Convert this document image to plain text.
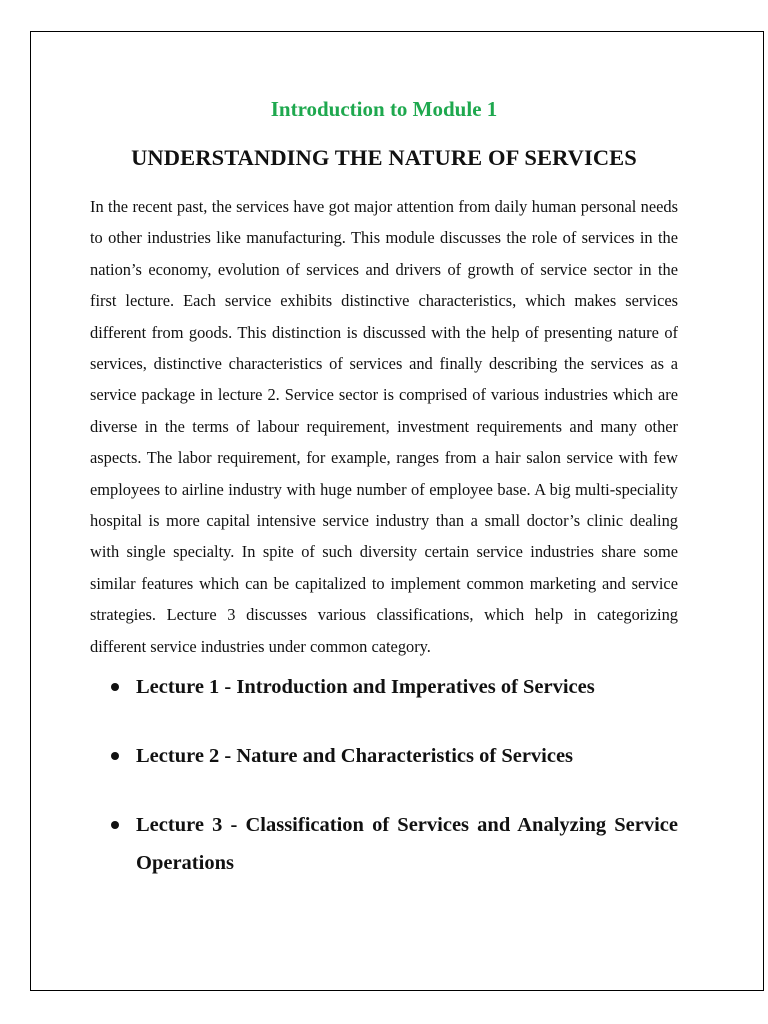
Introduction to Module 1
UNDERSTANDING THE NATURE OF SERVICES

In the recent past, the services have got major attention from daily human personal needs to other industries like manufacturing. This module discusses the role of services in the nation’s economy, evolution of services and drivers of growth of service sector in the first lecture. Each service exhibits distinctive characteristics, which makes services different from goods. This distinction is discussed with the help of presenting nature of services, distinctive characteristics of services and finally describing the services as a service package in lecture 2. Service sector is comprised of various industries which are diverse in the terms of labour requirement, investment requirements and many other aspects. The labor requirement, for example, ranges from a hair salon service with few employees to airline industry with huge number of employee base. A big multi-speciality hospital is more capital intensive service industry than a small doctor’s clinic dealing with single specialty. In spite of such diversity certain service industries share some similar features which can be capitalized to implement common marketing and service strategies. Lecture 3 discusses various classifications, which help in categorizing different service industries under common category.

Lecture 1 - Introduction and Imperatives of Services
Lecture 2 - Nature and Characteristics of Services
Lecture 3 - Classification of Services and Analyzing Service Operations
